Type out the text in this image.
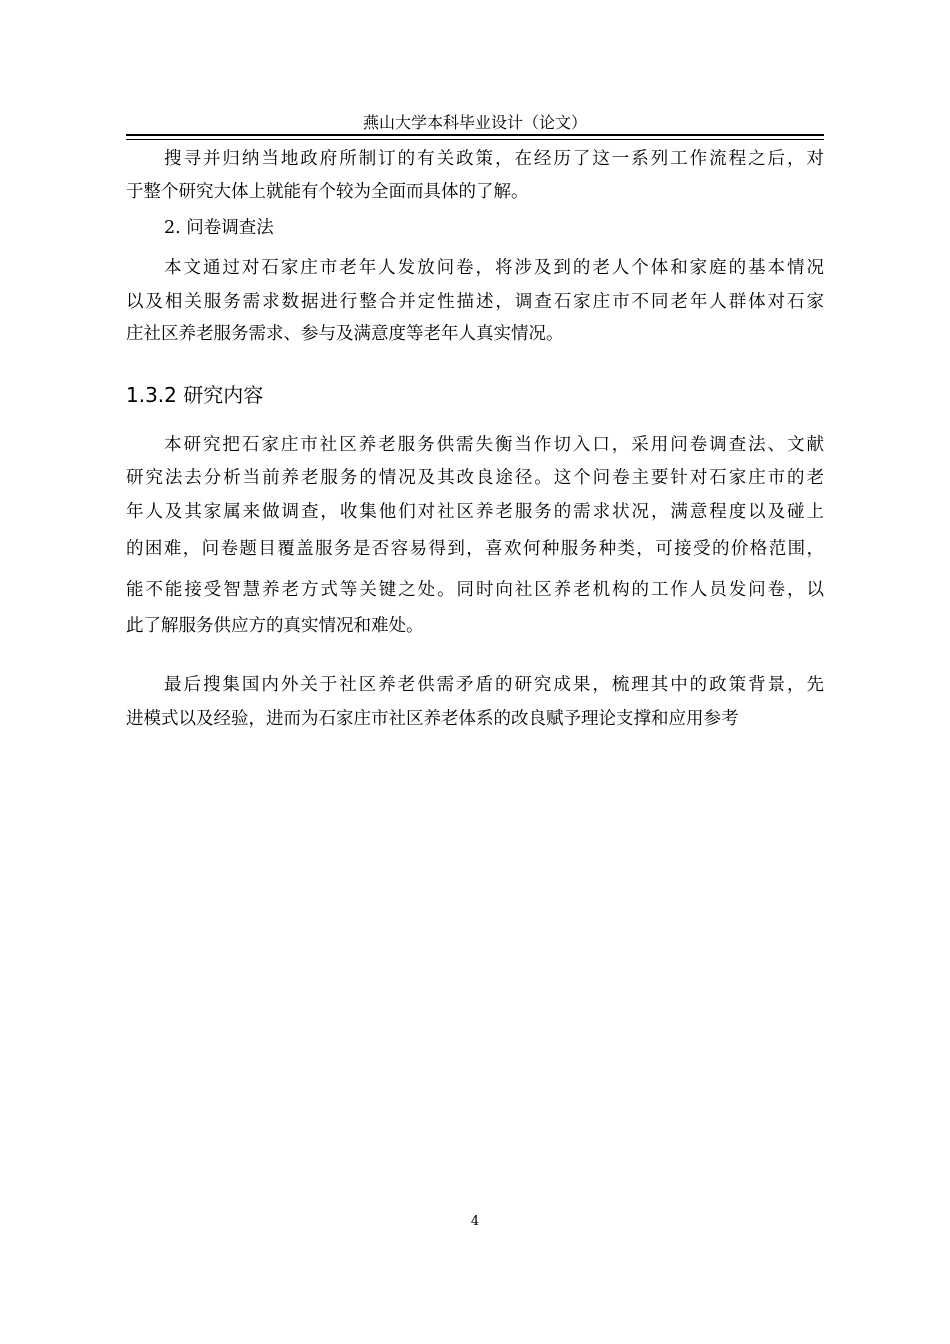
燕山大学本科毕业设计（论文）
搜寻并归纳当地政府所制订的有关政策，在经历了这一系列工作流程之后，对
于整个研究大体上就能有个较为全面而具体的了解。
2. 问卷调查法
本文通过对石家庄市老年人发放问卷，将涉及到的老人个体和家庭的基本情况
以及相关服务需求数据进行整合并定性描述，调查石家庄市不同老年人群体对石家
庄社区养老服务需求、参与及满意度等老年人真实情况。
1.3.2 研究内容
本研究把石家庄市社区养老服务供需失衡当作切入口，采用问卷调查法、文献
研究法去分析当前养老服务的情况及其改良途径。这个问卷主要针对石家庄市的老
年人及其家属来做调查，收集他们对社区养老服务的需求状况，满意程度以及碰上
的困难，问卷题目覆盖服务是否容易得到，喜欢何种服务种类，可接受的价格范围，
能不能接受智慧养老方式等关键之处。同时向社区养老机构的工作人员发问卷，以
此了解服务供应方的真实情况和难处。
最后搜集国内外关于社区养老供需矛盾的研究成果，梳理其中的政策背景，先
进模式以及经验，进而为石家庄市社区养老体系的改良赋予理论支撑和应用参考
4
